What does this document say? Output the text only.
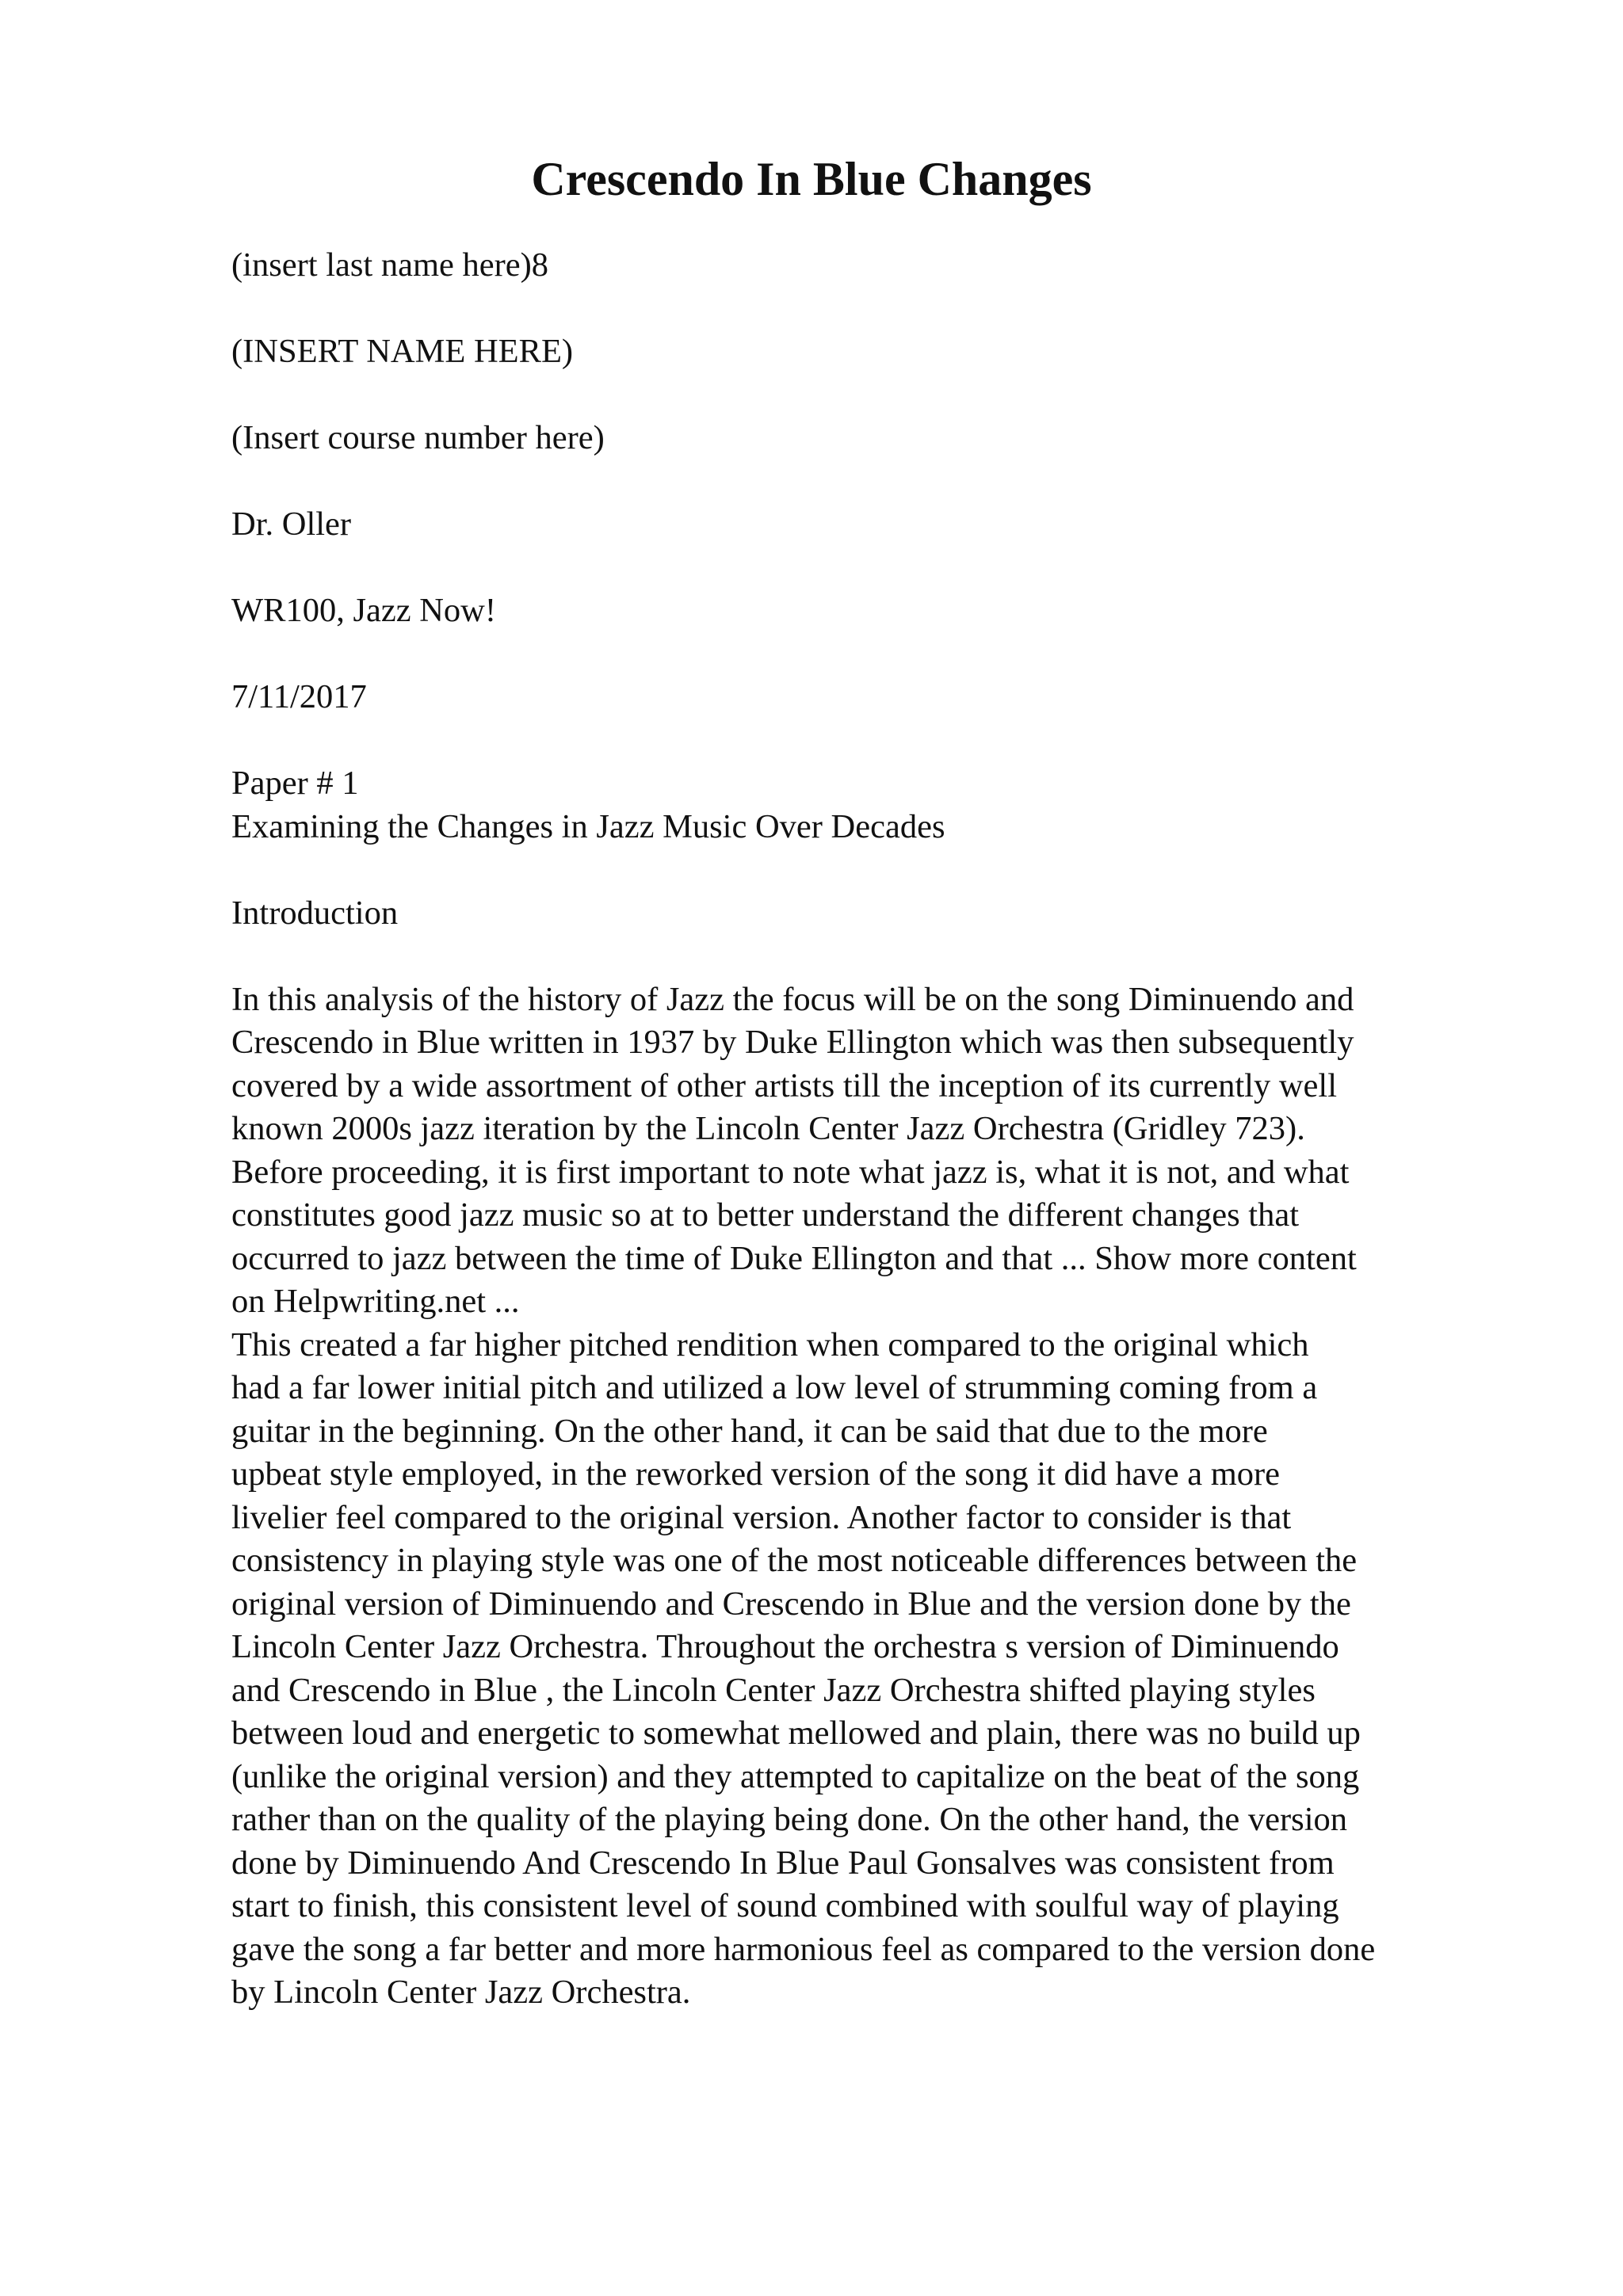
Crescendo In Blue Changes
(insert last name here)8
(INSERT NAME HERE)
(Insert course number here)
Dr. Oller
WR100, Jazz Now!
7/11/2017
Paper # 1
Examining the Changes in Jazz Music Over Decades
Introduction

In this analysis of the history of Jazz the focus will be on the song Diminuendo and
Crescendo in Blue written in 1937 by Duke Ellington which was then subsequently
covered by a wide assortment of other artists till the inception of its currently well
known 2000s jazz iteration by the Lincoln Center Jazz Orchestra (Gridley 723).
Before proceeding, it is first important to note what jazz is, what it is not, and what
constitutes good jazz music so at to better understand the different changes that
occurred to jazz between the time of Duke Ellington and that ... Show more content
on Helpwriting.net ...

This created a far higher pitched rendition when compared to the original which
had a far lower initial pitch and utilized a low level of strumming coming from a
guitar in the beginning. On the other hand, it can be said that due to the more
upbeat style employed, in the reworked version of the song it did have a more
livelier feel compared to the original version. Another factor to consider is that
consistency in playing style was one of the most noticeable differences between the
original version of Diminuendo and Crescendo in Blue and the version done by the
Lincoln Center Jazz Orchestra. Throughout the orchestra s version of Diminuendo
and Crescendo in Blue , the Lincoln Center Jazz Orchestra shifted playing styles
between loud and energetic to somewhat mellowed and plain, there was no build up
(unlike the original version) and they attempted to capitalize on the beat of the song
rather than on the quality of the playing being done. On the other hand, the version
done by Diminuendo And Crescendo In Blue Paul Gonsalves was consistent from
start to finish, this consistent level of sound combined with soulful way of playing
gave the song a far better and more harmonious feel as compared to the version done
by Lincoln Center Jazz Orchestra.
